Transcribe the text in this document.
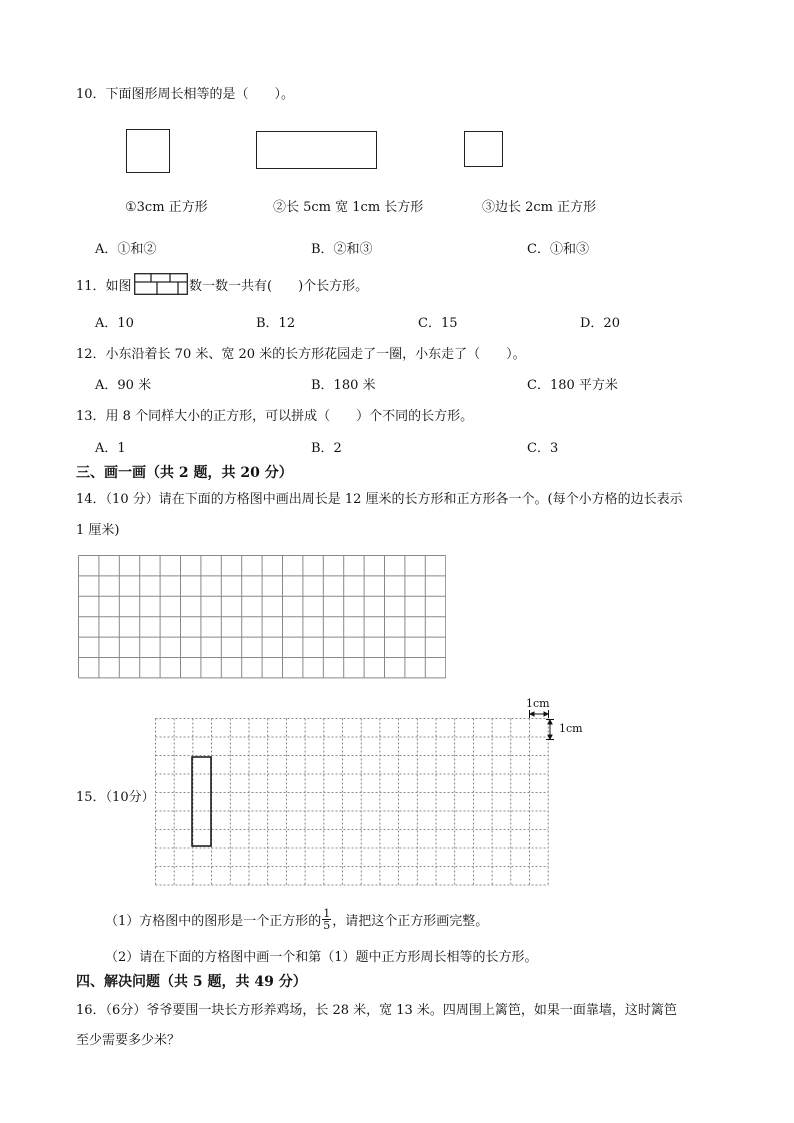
10．下面图形周长相等的是（　　）。
①3cm 正方形	②长 5cm 宽 1cm 长方形	③边长 2cm 正方形
A．①和②	B．②和③	C．①和③
11．如图	数一数一共有(　　)个长方形。
A．10	B．12	C．15	D．20
12．小东沿着长 70 米、宽 20 米的长方形花园走了一圈，小东走了（　　）。
A．90 米	B．180 米	C．180 平方米
13．用 8 个同样大小的正方形，可以拼成（　　）个不同的长方形。
A．1	B．2	C．3
三、画一画（共 2 题，共 20 分）
14．（10 分）请在下面的方格图中画出周长是 12 厘米的长方形和正方形各一个。(每个小方格的边长表示
1 厘米)
15．（10分）
1cm
1cm
（1）方格图中的图形是一个正方形的 $\frac{1}{5}$ ，请把这个正方形画完整。
（2）请在下面的方格图中画一个和第（1）题中正方形周长相等的长方形。
四、解决问题（共 5 题，共 49 分）
16．（6分）爷爷要围一块长方形养鸡场，长 28 米，宽 13 米。四周围上篱笆，如果一面靠墙，这时篱笆
至少需要多少米？
